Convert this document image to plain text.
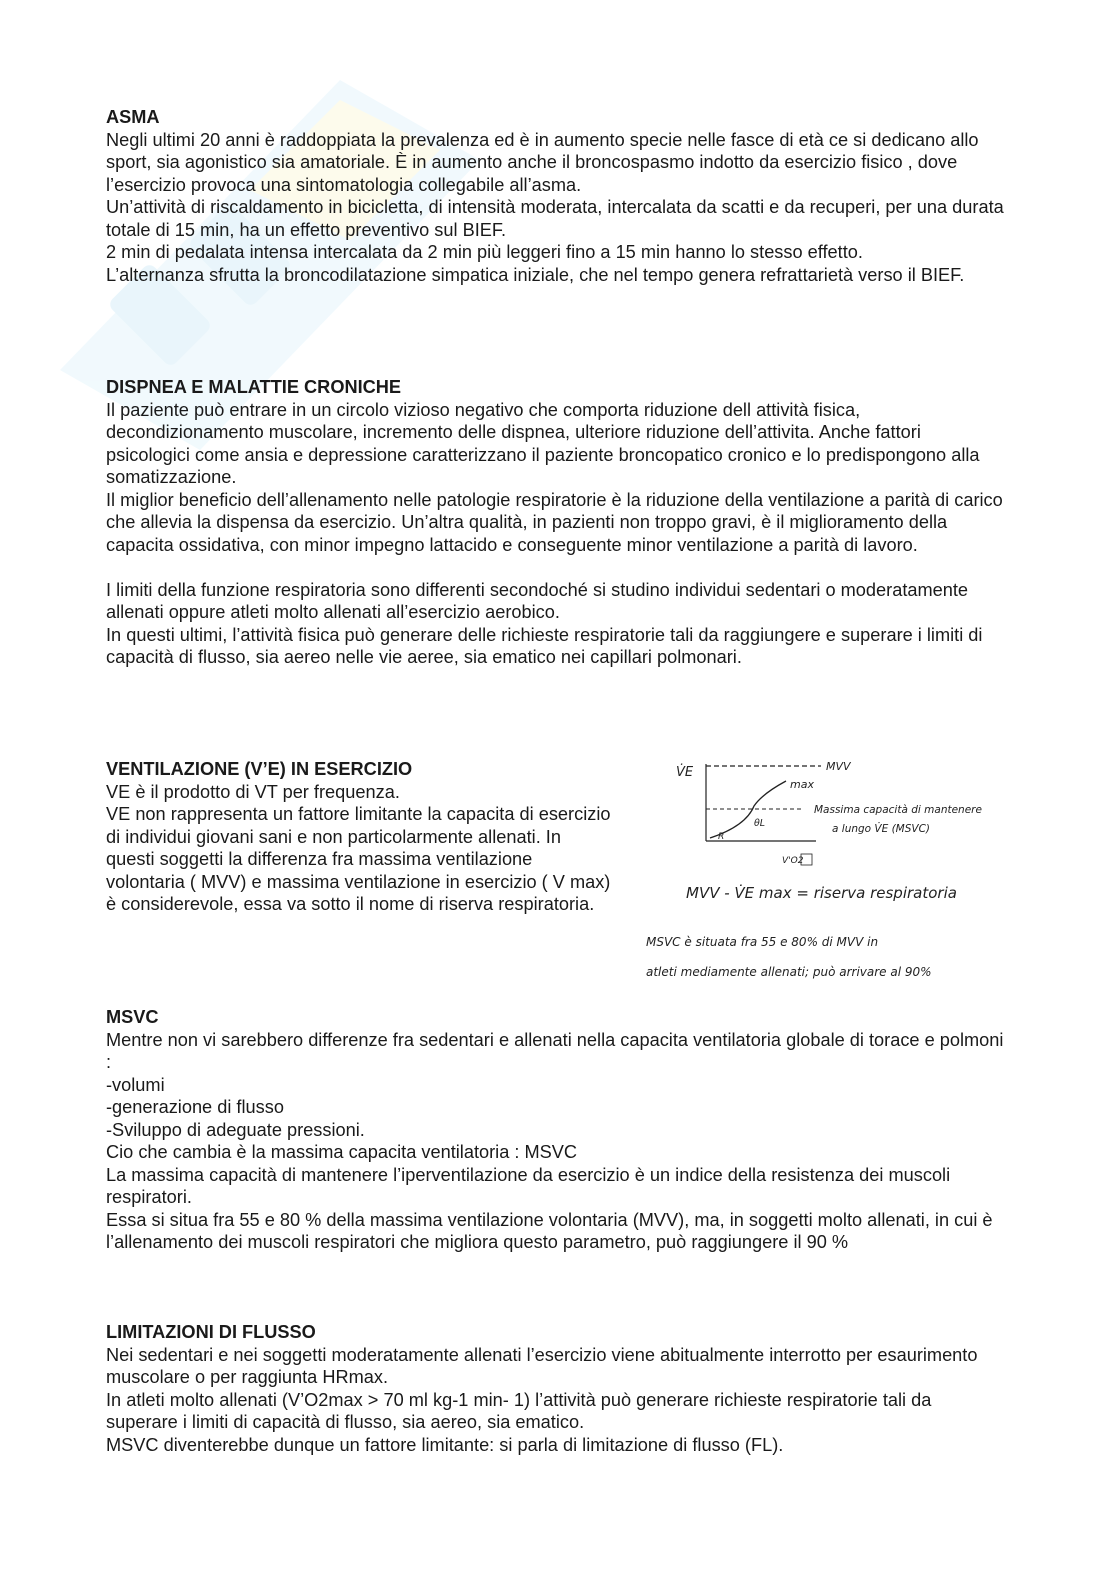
ASMA

Negli ultimi 20 anni è raddoppiata la prevalenza ed è in aumento specie nelle fasce di età ce si dedicano allo sport, sia agonistico sia amatoriale. È in aumento anche il broncospasmo indotto da esercizio fisico , dove l’esercizio provoca una sintomatologia collegabile all’asma.

Un’attività di riscaldamento in bicicletta, di intensità moderata, intercalata da scatti e da recuperi, per una durata totale di 15 min, ha un effetto preventivo sul BIEF.

2 min di pedalata intensa intercalata da 2 min più leggeri fino a 15 min hanno lo stesso effetto.

L’alternanza sfrutta la broncodilatazione simpatica iniziale, che nel tempo genera refrattarietà verso il BIEF.

DISPNEA E MALATTIE CRONICHE

Il paziente può entrare in un circolo vizioso negativo che comporta riduzione dell attività fisica, decondizionamento muscolare, incremento delle dispnea, ulteriore riduzione dell’attivita. Anche fattori psicologici come ansia e depressione caratterizzano il paziente broncopatico cronico e lo predispongono alla somatizzazione.

Il miglior beneficio dell’allenamento nelle patologie respiratorie è la riduzione della ventilazione a parità di carico che allevia la dispensa da esercizio. Un’altra qualità, in pazienti non troppo gravi, è il miglioramento della capacita ossidativa, con minor impegno lattacido e conseguente minor ventilazione a parità di lavoro.

I limiti della funzione respiratoria sono differenti secondoché si studino individui sedentari o moderatamente allenati oppure atleti molto allenati all’esercizio aerobico.

In questi ultimi, l’attività fisica può generare delle richieste respiratorie tali da raggiungere e superare i limiti di capacità di flusso, sia aereo nelle vie aeree, sia ematico nei capillari polmonari.

VENTILAZIONE (V’E) IN ESERCIZIO

VE è il prodotto di VT per frequenza.

VE non rappresenta un fattore limitante la capacita di esercizio di individui giovani sani e non particolarmente allenati. In questi soggetti la differenza fra massima ventilazione volontaria ( MVV) e massima ventilazione in esercizio ( V max) è considerevole, essa va sotto il nome di riserva respiratoria.

V̇E	MVV
max
Massima capacità di mantenere
a lungo V̇E (MSVC)
θL
R
V'O2
MVV - V̇E max = riserva respiratoria
MSVC è situata fra 55 e 80% di MVV in
atleti mediamente allenati; può arrivare al 90%
MSVC

Mentre non vi sarebbero differenze fra sedentari e allenati nella capacita ventilatoria globale di torace e polmoni :

-volumi

-generazione di flusso

-Sviluppo di adeguate pressioni.

Cio che cambia è la massima capacita ventilatoria : MSVC

La massima capacità di mantenere l’iperventilazione da esercizio è un indice della resistenza dei muscoli respiratori.

Essa si situa fra 55 e 80 % della massima ventilazione volontaria (MVV), ma, in soggetti molto allenati, in cui è l’allenamento dei muscoli respiratori che migliora questo parametro, può raggiungere il 90 %

LIMITAZIONI DI FLUSSO

Nei sedentari e nei soggetti moderatamente allenati l’esercizio viene abitualmente interrotto per esaurimento muscolare o per raggiunta HRmax.

In atleti molto allenati (V’O2max > 70 ml kg-1 min- 1) l’attività può generare richieste respiratorie tali da superare i limiti di capacità di flusso, sia aereo, sia ematico.

MSVC diventerebbe dunque un fattore limitante: si parla di limitazione di flusso (FL).
